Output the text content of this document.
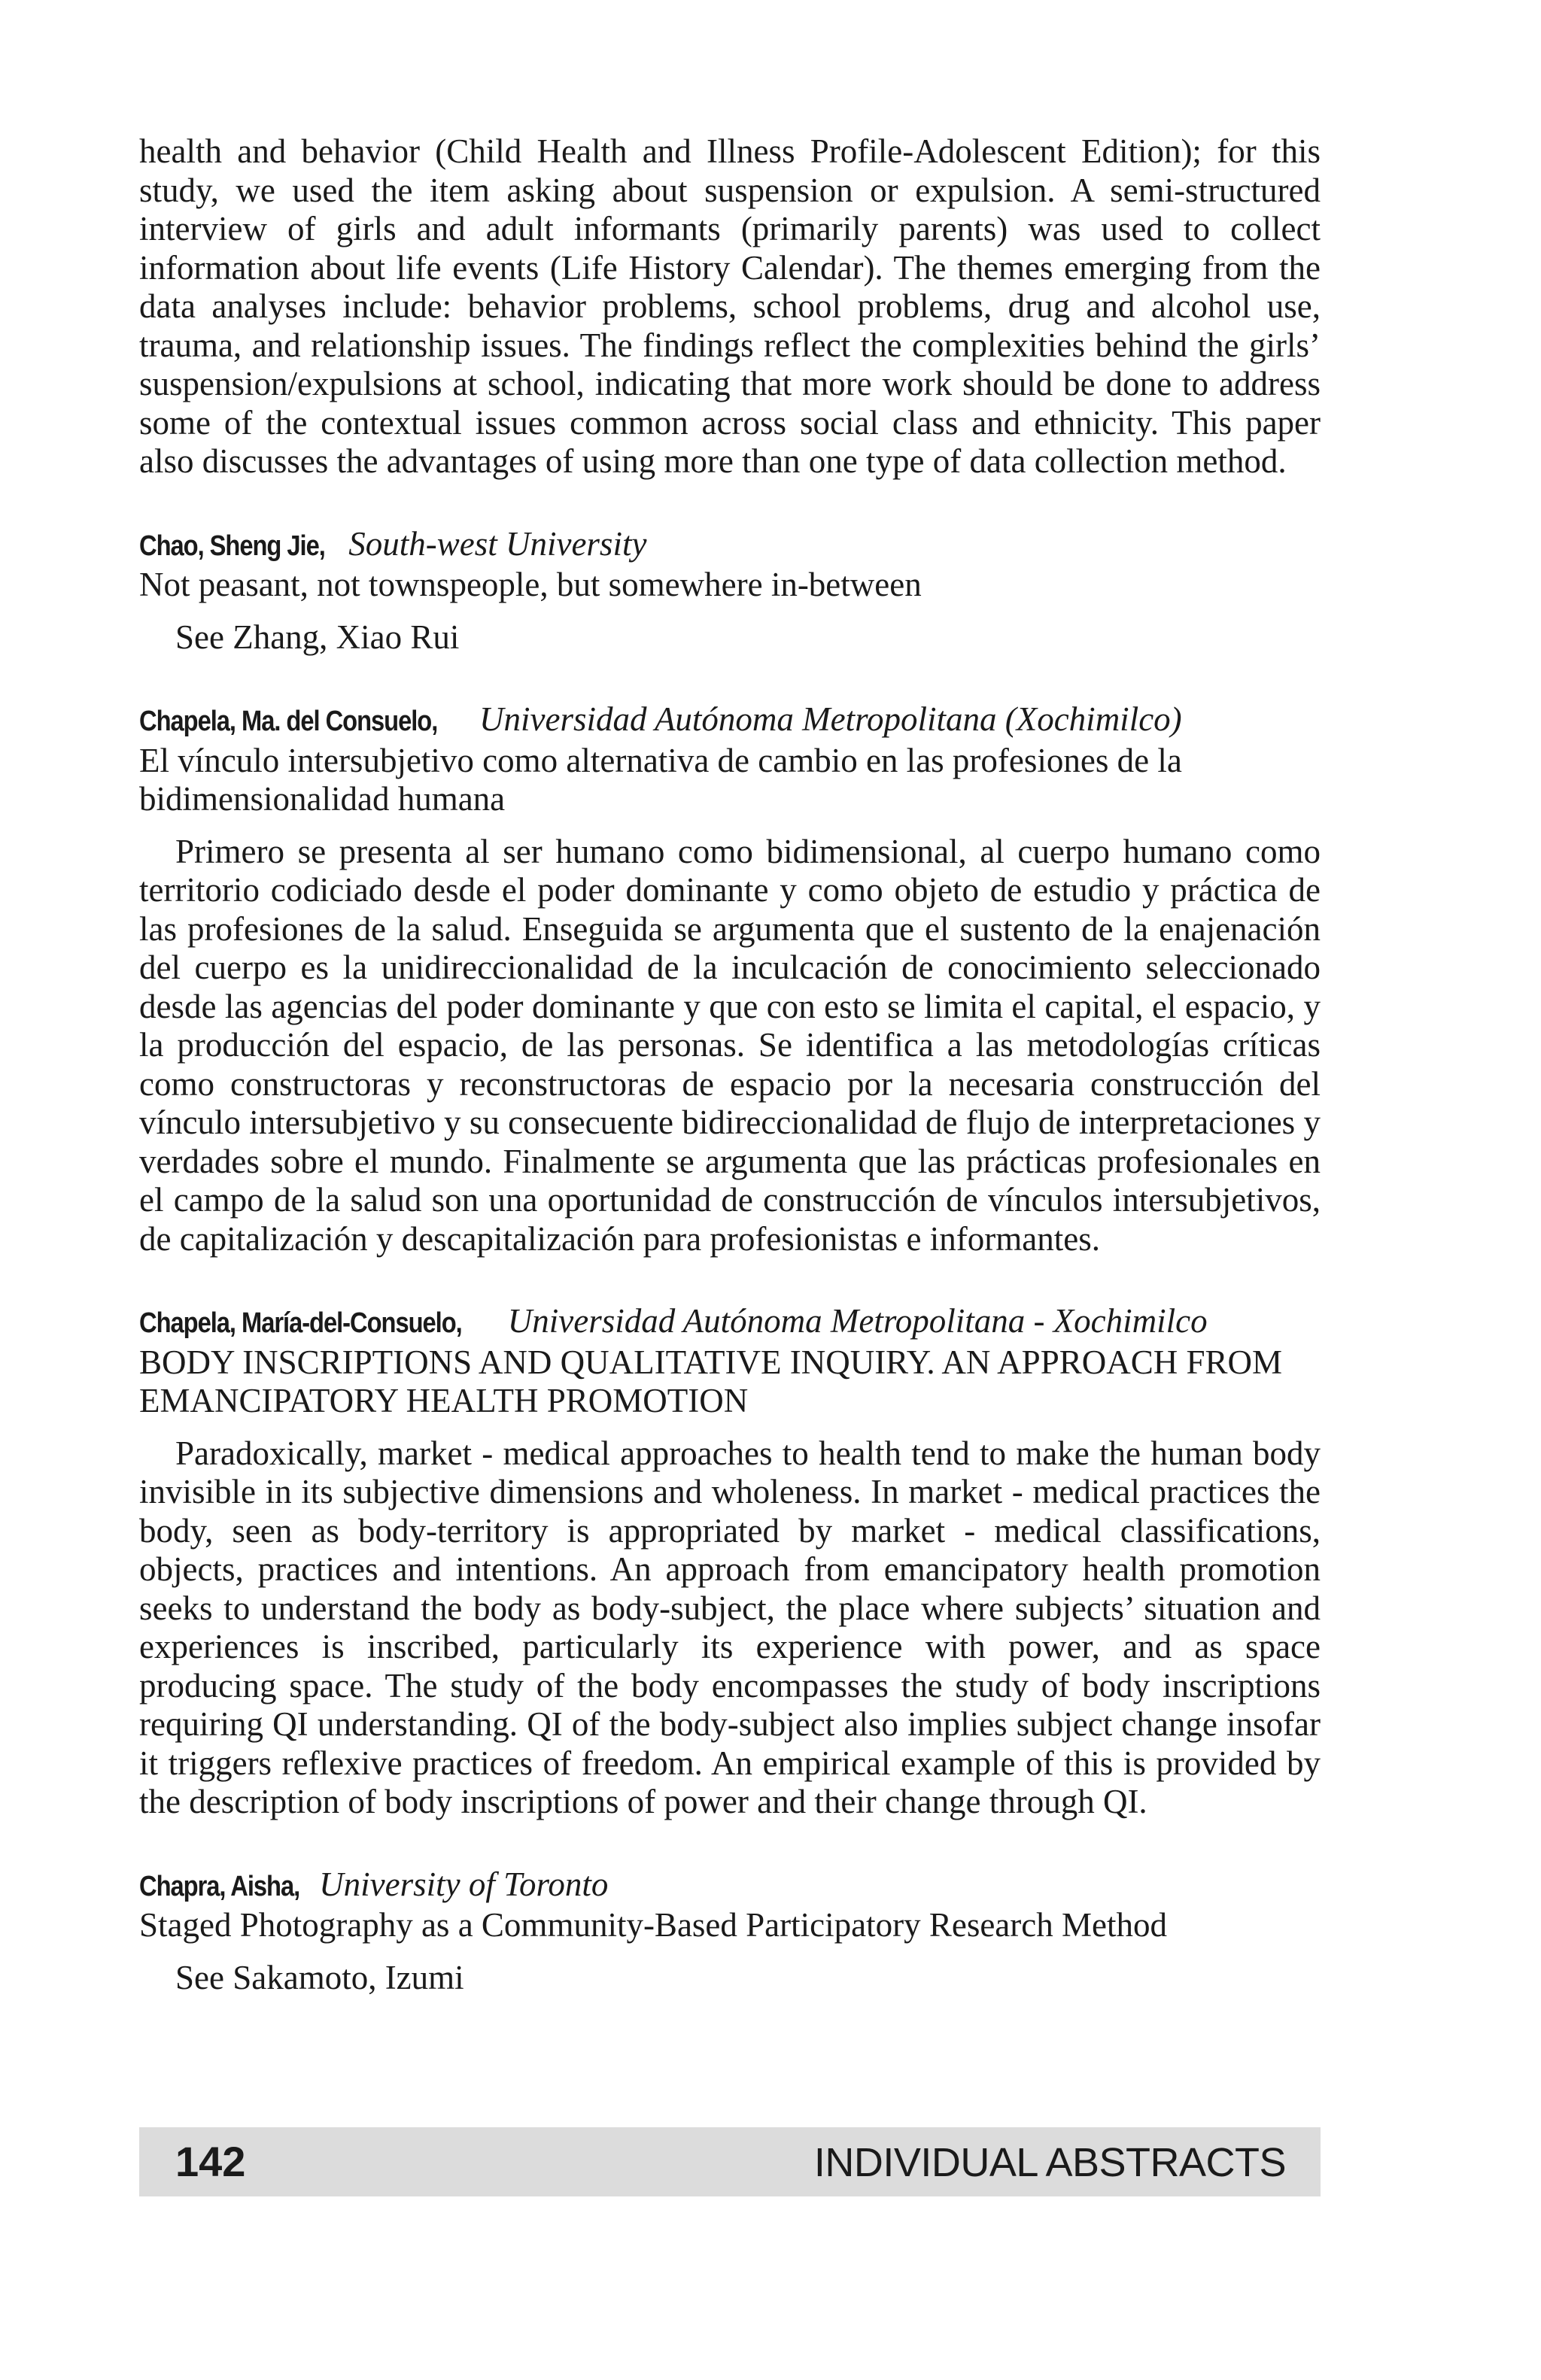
health and behavior (Child Health and Illness Profile-Adolescent Edition); for this study, we used the item asking about suspension or expulsion. A semi-structured interview of girls and adult informants (primarily parents) was used to collect information about life events (Life History Calendar). The themes emerging from the data analyses include: behavior problems, school problems, drug and alcohol use, trauma, and relationship issues. The findings reflect the complexities behind the girls’ suspension/expulsions at school, indicating that more work should be done to address some of the contextual issues common across social class and ethnicity. This paper also discusses the advantages of using more than one type of data collection method.

Chao, Sheng Jie, South-west University

Not peasant, not townspeople, but somewhere in-between

See Zhang, Xiao Rui

Chapela, Ma. del Consuelo, Universidad Autónoma Metropolitana (Xochimilco)

El vínculo intersubjetivo como alternativa de cambio en las profesiones de la bidimensionalidad humana

Primero se presenta al ser humano como bidimensional, al cuerpo humano como territorio codiciado desde el poder dominante y como objeto de estudio y práctica de las profesiones de la salud. Enseguida se argumenta que el sustento de la enajenación del cuerpo es la unidireccionalidad de la inculcación de conocimiento seleccionado desde las agencias del poder dominante y que con esto se limita el capital, el espacio, y la producción del espacio, de las personas. Se identifica a las metodologías críticas como constructoras y reconstructoras de espacio por la necesaria construcción del vínculo intersubjetivo y su consecuente bidireccionalidad de flujo de interpretaciones y verdades sobre el mundo. Finalmente se argumenta que las prácticas profesionales en el campo de la salud son una oportunidad de construcción de vínculos intersubjetivos, de capitalización y descapitalización para profesionistas e informantes.

Chapela, María-del-Consuelo, Universidad Autónoma Metropolitana - Xochimilco

BODY INSCRIPTIONS AND QUALITATIVE INQUIRY. AN APPROACH FROM EMANCIPATORY HEALTH PROMOTION

Paradoxically, market - medical approaches to health tend to make the human body invisible in its subjective dimensions and wholeness. In market - medical practices the body, seen as body-territory is appropriated by market - medical classifications, objects, practices and intentions. An approach from emancipatory health promotion seeks to understand the body as body-subject, the place where subjects’ situation and experiences is inscribed, particularly its experience with power, and as space producing space. The study of the body encompasses the study of body inscriptions requiring QI understanding. QI of the body-subject also implies subject change insofar it triggers reflexive practices of freedom. An empirical example of this is provided by the description of body inscriptions of power and their change through QI.

Chapra, Aisha, University of Toronto

Staged Photography as a Community-Based Participatory Research Method

See Sakamoto, Izumi

142	INDIVIDUAL ABSTRACTS
